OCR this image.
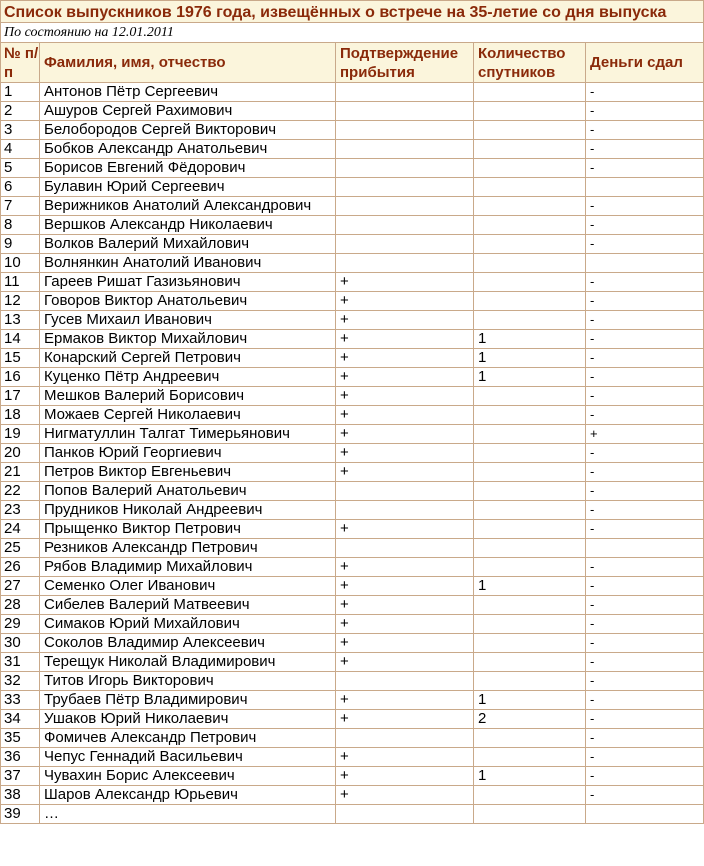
Список выпускников 1976 года, извещённых о встрече на 35-летие со дня выпуска				
По состоянию на 12.01.2011				
№ п/п	Фамилия, имя, отчество	Подтверждение прибытия	Количество спутников	Деньги сдал
1	Антонов Пётр Сергеевич			-
2	Ашуров Сергей Рахимович			-
3	Белобородов Сергей Викторович			-
4	Бобков Александр Анатольевич			-
5	Борисов Евгений Фёдорович			-
6	Булавин Юрий Сергеевич			
7	Верижников Анатолий Александрович			-
8	Вершков Александр Николаевич			-
9	Волков Валерий Михайлович			-
10	Волнянкин Анатолий Иванович			
11	Гареев Ришат Газизьянович	+		-
12	Говоров Виктор Анатольевич	+		-
13	Гусев Михаил Иванович	+		-
14	Ермаков Виктор Михайлович	+	1	-
15	Конарский Сергей Петрович	+	1	-
16	Куценко Пётр Андреевич	+	1	-
17	Мешков Валерий Борисович	+		-
18	Можаев Сергей Николаевич	+		-
19	Нигматуллин Талгат Тимерьянович	+		+
20	Панков Юрий Георгиевич	+		-
21	Петров Виктор Евгеньевич	+		-
22	Попов Валерий Анатольевич			-
23	Прудников Николай Андреевич			-
24	Прыщенко Виктор Петрович	+		-
25	Резников Александр Петрович			
26	Рябов Владимир Михайлович	+		-
27	Семенко Олег Иванович	+	1	-
28	Сибелев Валерий Матвеевич	+		-
29	Симаков Юрий Михайлович	+		-
30	Соколов Владимир Алексеевич	+		-
31	Терещук Николай Владимирович	+		-
32	Титов Игорь Викторович			-
33	Трубаев Пётр Владимирович	+	1	-
34	Ушаков Юрий Николаевич	+	2	-
35	Фомичев Александр Петрович			-
36	Чепус Геннадий Васильевич	+		-
37	Чувахин Борис Алексеевич	+	1	-
38	Шаров Александр Юрьевич	+		-
39	…			
